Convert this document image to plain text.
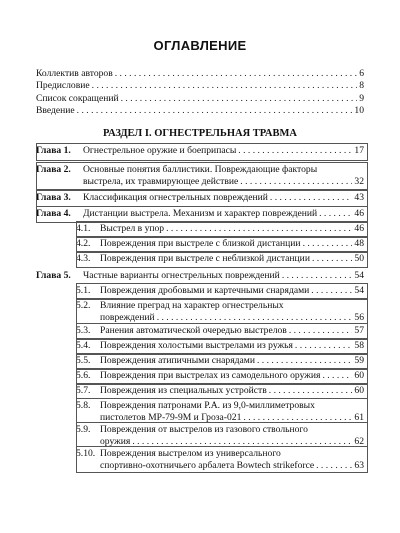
ОГЛАВЛЕНИЕ
РАЗДЕЛ I. ОГНЕСТРЕЛЬНАЯ ТРАВМА
Коллектив авторов . . .	6
Предисловие . . .	8
Список сокращений . . .	9
Введение . . .	10
Глава 1. Огнестрельное оружие и боеприпасы . . .	17
Глава 2. Основные понятия баллистики. Повреждающие факторы
выстрела, их травмирующее действие . . .	32
Глава 3. Классификация огнестрельных повреждений . . .	43
Глава 4. Дистанции выстрела. Механизм и характер повреждений . . .	46
4.1. Выстрел в упор . . .	46
4.2. Повреждения при выстреле с близкой дистанции . . .	48
4.3. Повреждения при выстреле с неблизкой дистанции . . .	50
Глава 5. Частные варианты огнестрельных повреждений . . .	54
5.1. Повреждения дробовыми и картечными снарядами . . .	54
5.2. Влияние преград на характер огнестрельных
повреждений . . .	56
5.3. Ранения автоматической очередью выстрелов . . .	57
5.4. Повреждения холостыми выстрелами из ружья . . .	58
5.5. Повреждения атипичными снарядами . . .	59
5.6. Повреждения при выстрелах из самодельного оружия . . .	60
5.7. Повреждения из специальных устройств . . .	60
5.8. Повреждения патронами Р.А. из 9,0-миллиметровых
пистолетов МР-79-9М и Гроза-021 . . .	61
5.9. Повреждения от выстрелов из газового ствольного
оружия . . .	62
5.10. Повреждения выстрелом из универсального
спортивно-охотничьего арбалета Bowtech strikeforce . . .	63
